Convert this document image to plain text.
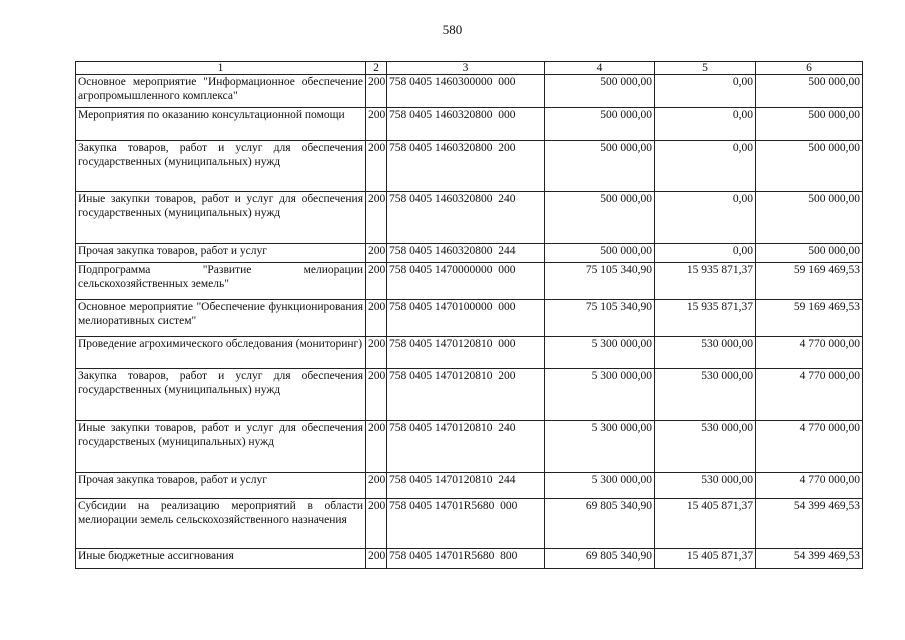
580
1	2	3	4	5	6
Основное мероприятие "Информационное обеспечение агропромышленного комплекса"	200	758 0405 1460300000  000	500 000,00	0,00	500 000,00
Мероприятия по оказанию консультационной помощи	200	758 0405 1460320800  000	500 000,00	0,00	500 000,00
Закупка товаров, работ и услуг для обеспечения государственных (муниципальных) нужд	200	758 0405 1460320800  200	500 000,00	0,00	500 000,00
Иные закупки товаров, работ и услуг для обеспечения государственных (муниципальных) нужд	200	758 0405 1460320800  240	500 000,00	0,00	500 000,00
Прочая закупка товаров, работ и услуг	200	758 0405 1460320800  244	500 000,00	0,00	500 000,00
Подпрограмма "Развитие мелиорации сельскохозяйственных земель"	200	758 0405 1470000000  000	75 105 340,90	15 935 871,37	59 169 469,53
Основное мероприятие "Обеспечение функционирования мелиоративных систем"	200	758 0405 1470100000  000	75 105 340,90	15 935 871,37	59 169 469,53
Проведение агрохимического обследования (мониторинг)	200	758 0405 1470120810  000	5 300 000,00	530 000,00	4 770 000,00
Закупка товаров, работ и услуг для обеспечения государственных (муниципальных) нужд	200	758 0405 1470120810  200	5 300 000,00	530 000,00	4 770 000,00
Иные закупки товаров, работ и услуг для обеспечения государственых (муниципальных) нужд	200	758 0405 1470120810  240	5 300 000,00	530 000,00	4 770 000,00
Прочая закупка товаров, работ и услуг	200	758 0405 1470120810  244	5 300 000,00	530 000,00	4 770 000,00
Субсидии на реализацию мероприятий в области мелиорации земель сельскохозяйственного назначения	200	758 0405 14701R5680  000	69 805 340,90	15 405 871,37	54 399 469,53
Иные бюджетные ассигнования	200	758 0405 14701R5680  800	69 805 340,90	15 405 871,37	54 399 469,53
